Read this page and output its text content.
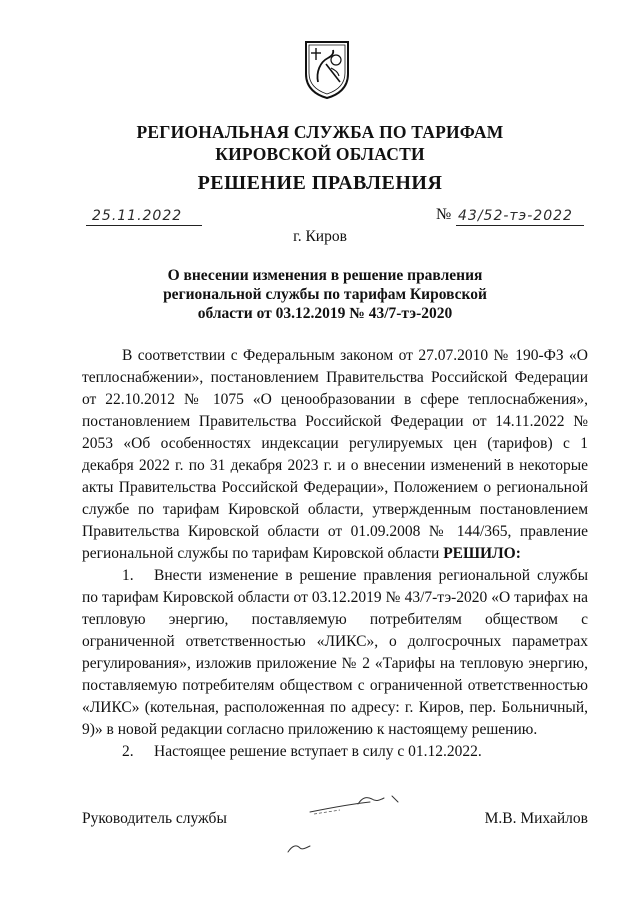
РЕГИОНАЛЬНАЯ СЛУЖБА ПО ТАРИФАМ
КИРОВСКОЙ ОБЛАСТИ
РЕШЕНИЕ ПРАВЛЕНИЯ
25.11.2022	№ 43/52-тэ-2022
г. Киров
О внесении изменения в решение правления
региональной службы по тарифам Кировской
области от 03.12.2019 № 43/7-тэ-2020

В соответствии с Федеральным законом от 27.07.2010 № 190-ФЗ «О теплоснабжении», постановлением Правительства Российской Федерации от 22.10.2012 № 1075 «О ценообразовании в сфере теплоснабжения», постановлением Правительства Российской Федерации от 14.11.2022 № 2053 «Об особенностях индексации регулируемых цен (тарифов) с 1 декабря 2022 г. по 31 декабря 2023 г. и о внесении изменений в некоторые акты Правительства Российской Федерации», Положением о региональной службе по тарифам Кировской области, утвержденным постановлением Правительства Кировской области от 01.09.2008 № 144/365, правление региональной службы по тарифам Кировской области РЕШИЛО:

1. Внести изменение в решение правления региональной службы по тарифам Кировской области от 03.12.2019 № 43/7-тэ-2020 «О тарифах на тепловую энергию, поставляемую потребителям обществом с ограниченной ответственностью «ЛИКС», о долгосрочных параметрах регулирования», изложив приложение № 2 «Тарифы на тепловую энергию, поставляемую потребителям обществом с ограниченной ответственностью «ЛИКС» (котельная, расположенная по адресу: г. Киров, пер. Больничный, 9)» в новой редакции согласно приложению к настоящему решению.

2. Настоящее решение вступает в силу с 01.12.2022.

Руководитель службы	М.В. Михайлов
